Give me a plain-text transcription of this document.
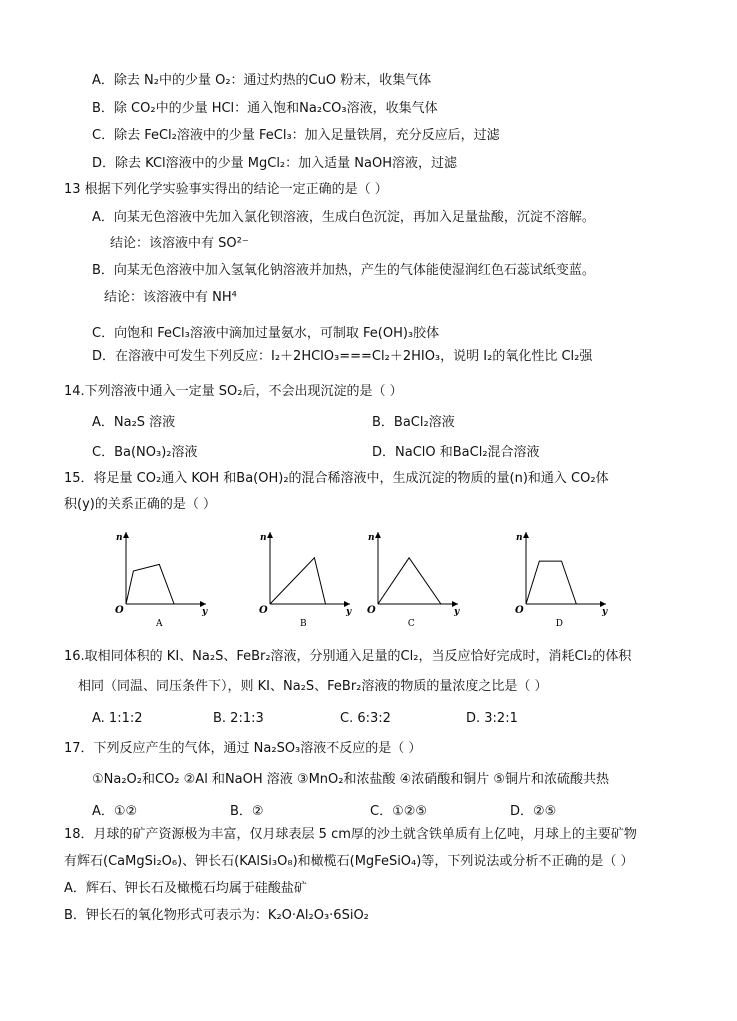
A．除去 N₂中的少量 O₂：通过灼热的CuO 粉末，收集气体
B．除 CO₂中的少量 HCl：通入饱和Na₂CO₃溶液，收集气体
C．除去 FeCl₂溶液中的少量 FeCl₃：加入足量铁屑，充分反应后，过滤
D．除去 KCl溶液中的少量 MgCl₂：加入适量 NaOH溶液，过滤
13 根据下列化学实验事实得出的结论一定正确的是（ ）
A．向某无色溶液中先加入氯化钡溶液，生成白色沉淀，再加入足量盐酸，沉淀不溶解。
结论：该溶液中有 SO²⁻
B．向某无色溶液中加入氢氧化钠溶液并加热，产生的气体能使湿润红色石蕊试纸变蓝。
结论：该溶液中有 NH⁴
C．向饱和 FeCl₃溶液中滴加过量氨水，可制取 Fe(OH)₃胶体
D．在溶液中可发生下列反应：I₂＋2HClO₃===Cl₂＋2HIO₃，说明 I₂的氧化性比 Cl₂强
14.下列溶液中通入一定量 SO₂后，不会出现沉淀的是（ ）
A．Na₂S 溶液	B．BaCl₂溶液
C．Ba(NO₃)₂溶液	D．NaClO 和BaCl₂混合溶液
15．将足量 CO₂通入 KOH 和Ba(OH)₂的混合稀溶液中，生成沉淀的物质的量(n)和通入 CO₂体
积(y)的关系正确的是（ ）
n
y
O
A
n
y
O
B
n
y
O
C
n
y
O
D
16.取相同体积的 KI、Na₂S、FeBr₂溶液，分别通入足量的Cl₂，当反应恰好完成时，消耗Cl₂的体积
相同（同温、同压条件下），则 KI、Na₂S、FeBr₂溶液的物质的量浓度之比是（ ）
A. 1:1:2	B. 2:1:3	C. 6:3:2	D. 3:2:1
17．下列反应产生的气体，通过 Na₂SO₃溶液不反应的是（ ）
①Na₂O₂和CO₂ ②Al 和NaOH 溶液 ③MnO₂和浓盐酸 ④浓硝酸和铜片 ⑤铜片和浓硫酸共热
A．①②	B．②	C．①②⑤	D．②⑤
18．月球的矿产资源极为丰富，仅月球表层 5 cm厚的沙土就含铁单质有上亿吨，月球上的主要矿物
有辉石(CaMgSi₂O₆)、钾长石(KAlSi₃O₈)和橄榄石(MgFeSiO₄)等，下列说法或分析不正确的是（ ）
A．辉石、钾长石及橄榄石均属于硅酸盐矿
B．钾长石的氧化物形式可表示为：K₂O·Al₂O₃·6SiO₂
